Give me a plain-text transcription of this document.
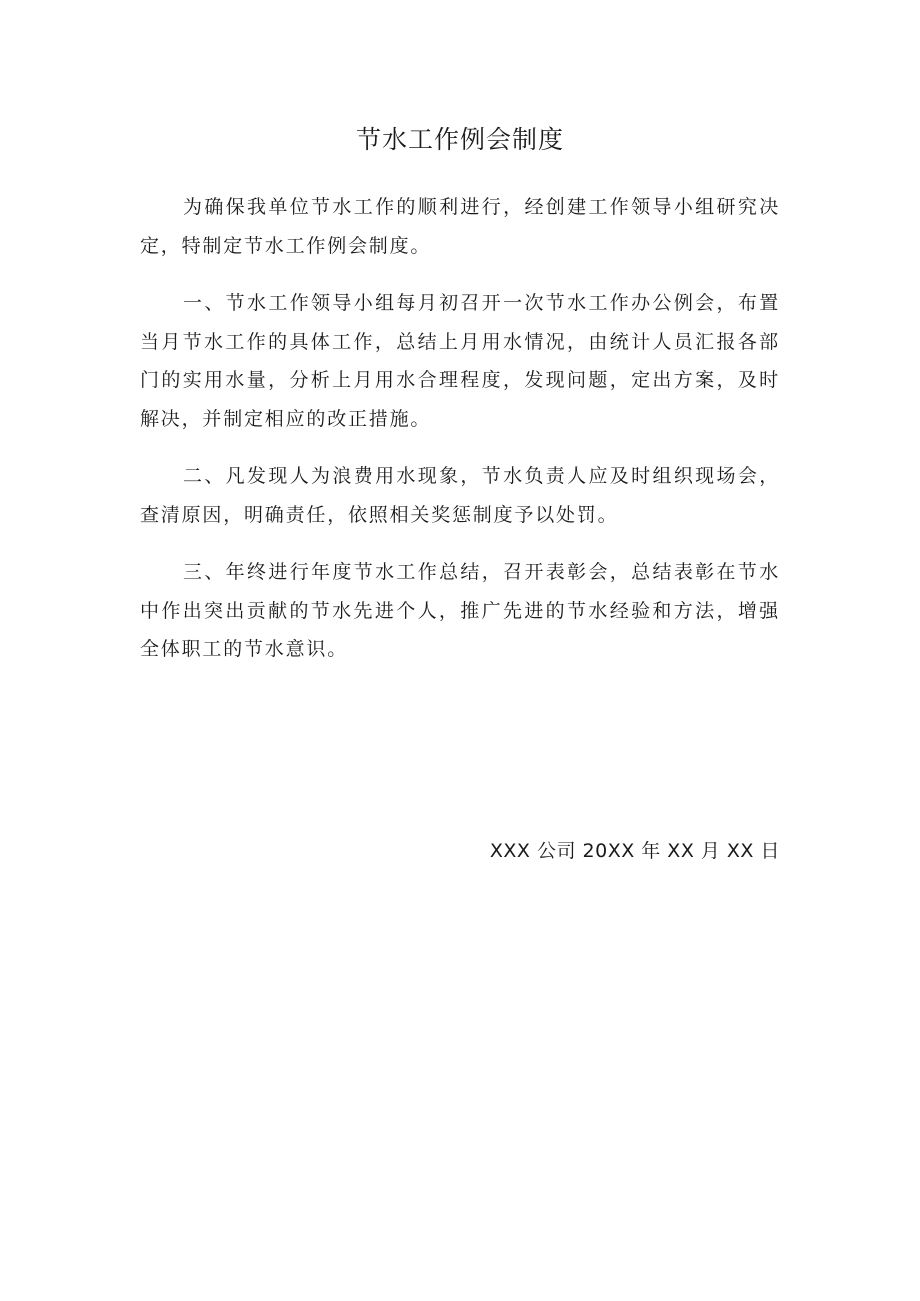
节水工作例会制度

为确保我单位节水工作的顺利进行，经创建工作领导小组研究决定，特制定节水工作例会制度。

一、节水工作领导小组每月初召开一次节水工作办公例会，布置当月节水工作的具体工作，总结上月用水情况，由统计人员汇报各部门的实用水量，分析上月用水合理程度，发现问题，定出方案，及时解决，并制定相应的改正措施。

二、凡发现人为浪费用水现象，节水负责人应及时组织现场会，查清原因，明确责任，依照相关奖惩制度予以处罚。

三、年终进行年度节水工作总结，召开表彰会，总结表彰在节水中作出突出贡献的节水先进个人，推广先进的节水经验和方法，增强全体职工的节水意识。

XXX 公司 20XX 年 XX 月 XX 日
